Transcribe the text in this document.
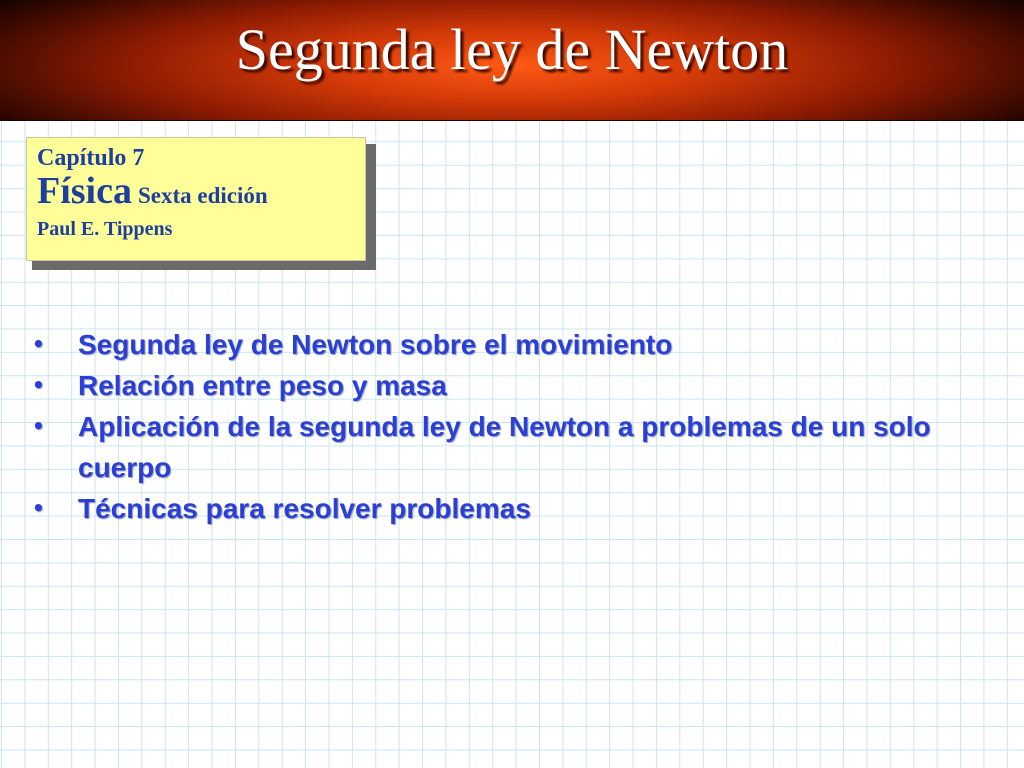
Segunda ley de Newton
Capítulo 7
Física Sexta edición
Paul E. Tippens
•	Segunda ley de Newton sobre el movimiento
•	Relación entre peso y masa
•	Aplicación de la segunda ley de Newton a problemas de un solo cuerpo
•	Técnicas para resolver problemas
